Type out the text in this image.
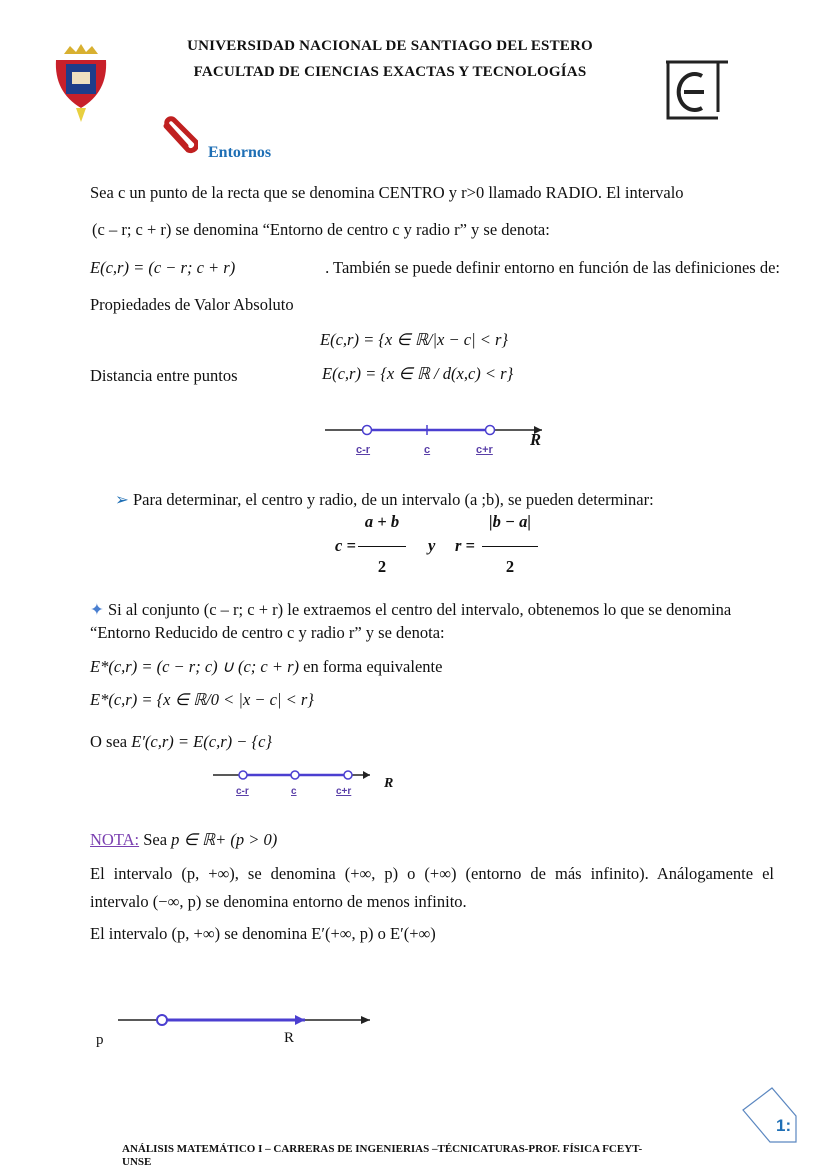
UNIVERSIDAD NACIONAL DE SANTIAGO DEL ESTERO
FACULTAD DE CIENCIAS EXACTAS Y TECNOLOGÍAS
Entornos
Sea c un punto de la recta que se denomina CENTRO y r>0 llamado RADIO. El intervalo
(c – r; c + r) se denomina “Entorno de centro c y radio r” y se denota:
E(c,r) = (c − r; c + r)	. También se puede definir entorno en función de las definiciones de:
Propiedades de Valor Absoluto
E(c,r) = {x ∈ ℝ/|x − c| < r}
Distancia entre puntos	E(c,r) = {x ∈ ℝ / d(x,c) < r}
c-r	c	c+r
R
➢ Para determinar, el centro y radio, de un intervalo (a ;b), se pueden determinar:
$c = \frac{a + b}{2}$ y $r = \frac{|b - a|}{2}$
✦ Si al conjunto (c – r; c + r) le extraemos el centro del intervalo, obtenemos lo que se denomina
“Entorno Reducido de centro c y radio r” y se denota:
E*(c,r) = (c − r; c) ∪ (c; c + r) en forma equivalente
E*(c,r) = {x ∈ ℝ/0 < |x − c| < r}
O sea E′(c,r) = E(c,r) − {c}
c-r	c	c+r
R
NOTA: Sea p ∈ ℝ+ (p > 0)
El intervalo (p, +∞), se denomina (+∞, p) o (+∞) (entorno de más infinito). Análogamente el
intervalo (−∞, p) se denomina entorno de menos infinito.
El intervalo (p, +∞) se denomina E′(+∞, p) o E′(+∞)
p	R
1:
ANÁLISIS MATEMÁTICO I – CARRERAS DE INGENIERIAS –TÉCNICATURAS-PROF. FÍSICA FCEYT-
UNSE
